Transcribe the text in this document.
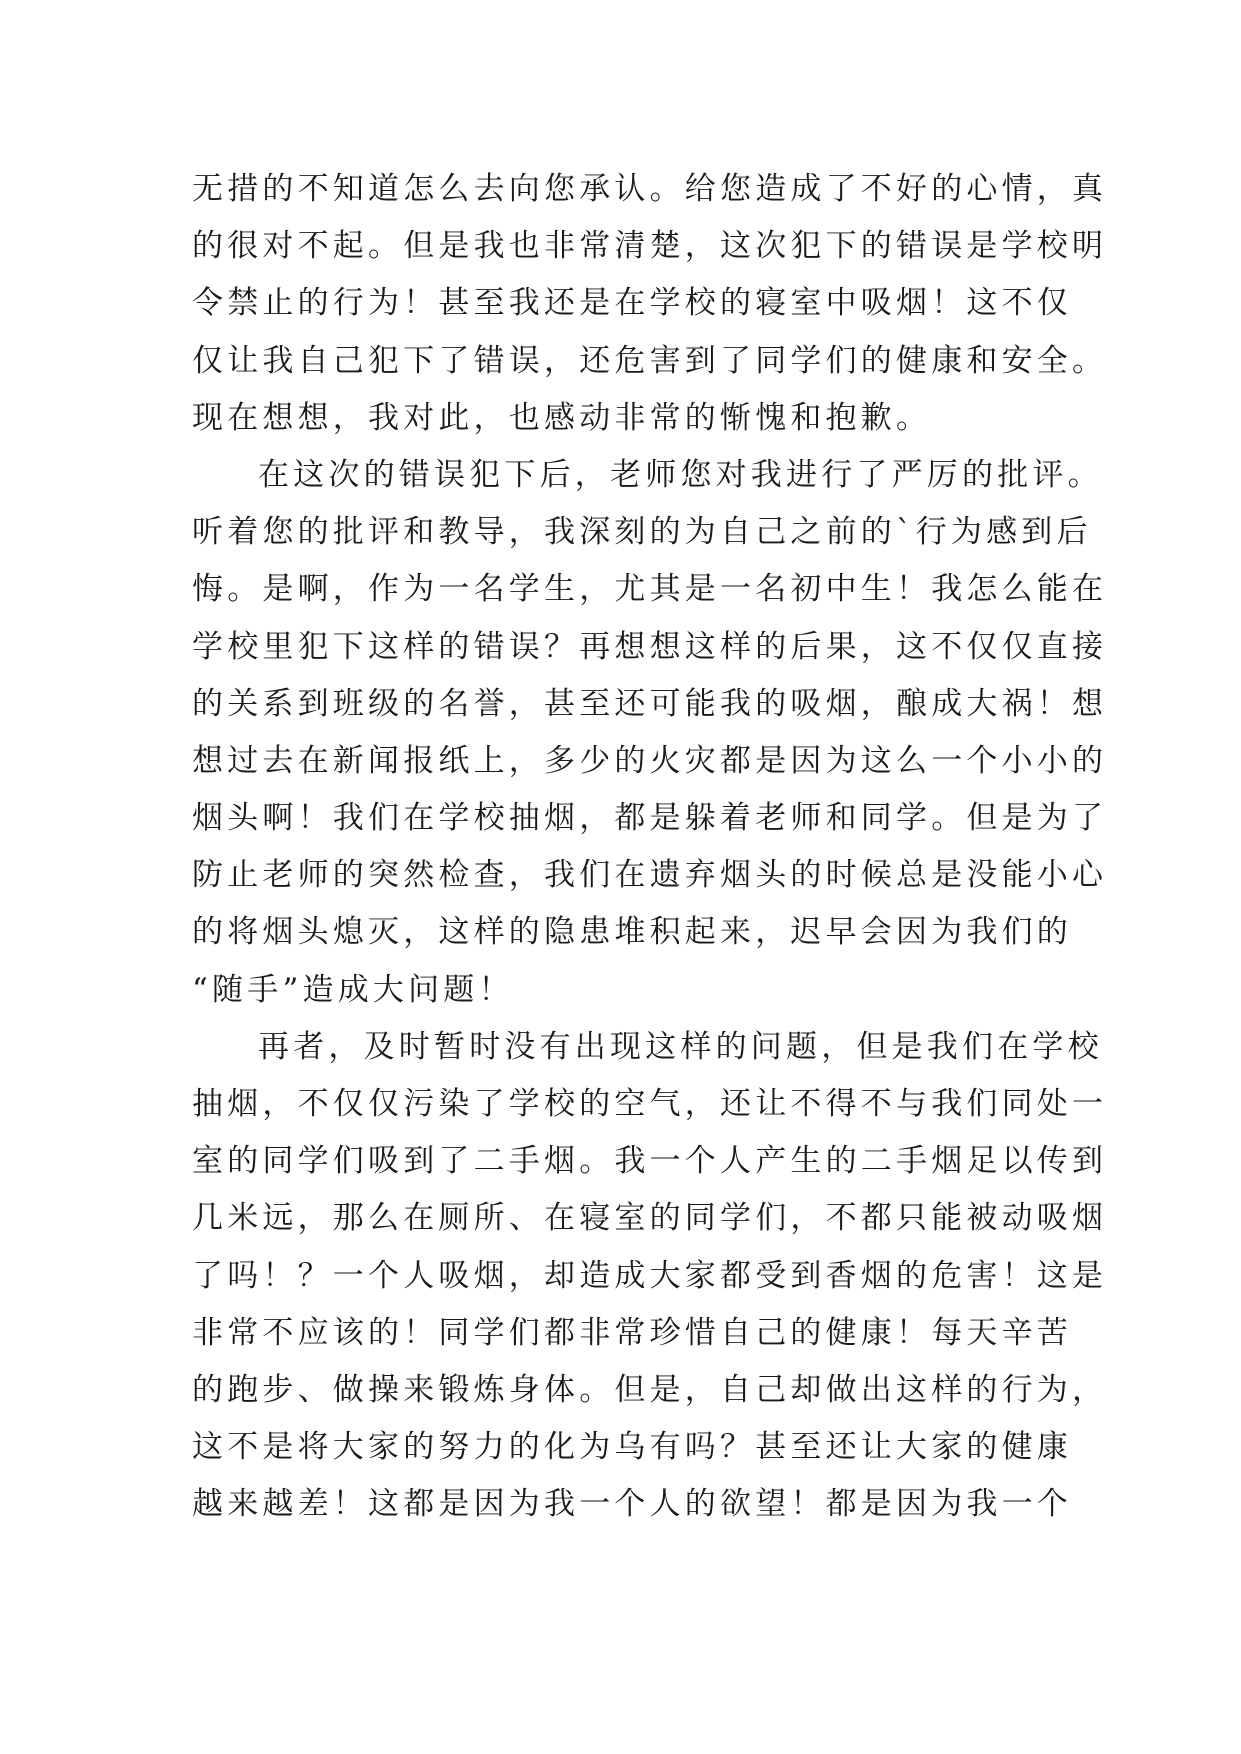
无措的不知道怎么去向您承认。给您造成了不好的心情，真
的很对不起。但是我也非常清楚，这次犯下的错误是学校明
令禁止的行为！甚至我还是在学校的寝室中吸烟！这不仅
仅让我自己犯下了错误，还危害到了同学们的健康和安全。
现在想想，我对此，也感动非常的惭愧和抱歉。
在这次的错误犯下后，老师您对我进行了严厉的批评。
听着您的批评和教导，我深刻的为自己之前的`行为感到后
悔。是啊，作为一名学生，尤其是一名初中生！我怎么能在
学校里犯下这样的错误？再想想这样的后果，这不仅仅直接
的关系到班级的名誉，甚至还可能我的吸烟，酿成大祸！想
想过去在新闻报纸上，多少的火灾都是因为这么一个小小的
烟头啊！我们在学校抽烟，都是躲着老师和同学。但是为了
防止老师的突然检查，我们在遗弃烟头的时候总是没能小心
的将烟头熄灭，这样的隐患堆积起来，迟早会因为我们的
“随手”造成大问题！
再者，及时暂时没有出现这样的问题，但是我们在学校
抽烟，不仅仅污染了学校的空气，还让不得不与我们同处一
室的同学们吸到了二手烟。我一个人产生的二手烟足以传到
几米远，那么在厕所、在寝室的同学们，不都只能被动吸烟
了吗！？一个人吸烟，却造成大家都受到香烟的危害！这是
非常不应该的！同学们都非常珍惜自己的健康！每天辛苦
的跑步、做操来锻炼身体。但是，自己却做出这样的行为，
这不是将大家的努力的化为乌有吗？甚至还让大家的健康
越来越差！这都是因为我一个人的欲望！都是因为我一个
